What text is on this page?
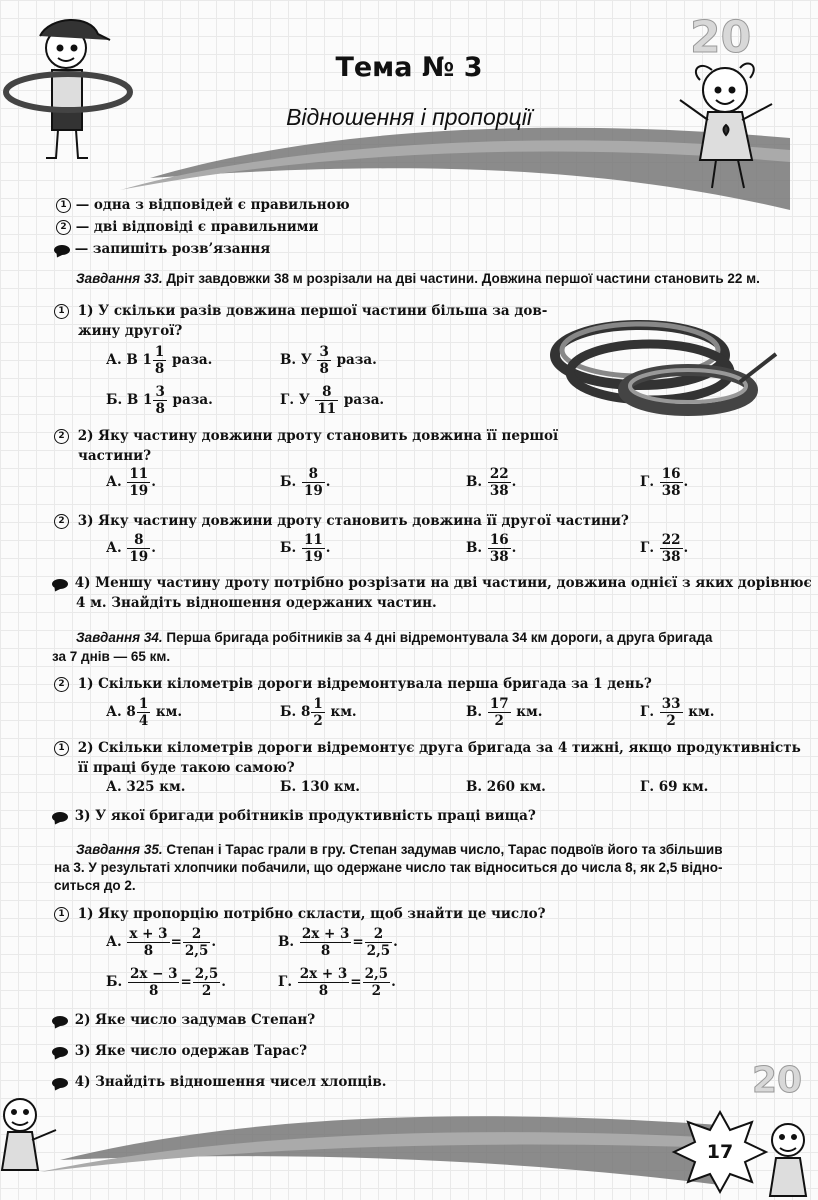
20
20
17
Тема № 3
Відношення і пропорції
1 — одна з відповідей є правильною
2 — дві відповіді є правильними
— запишіть розв’язання
Завдання 33. Дріт завдовжки 38 м розрізали на дві частини. Довжина першої частини становить 22 м.
1 1) У скільки разів довжина першої частини більша за дов-
жину другої?
А. В $1 \frac{1}{8}$ раза.	В. У $\frac{3}{8}$ раза.
Б. В $1 \frac{3}{8}$ раза.	Г. У $\frac{8}{11}$ раза.
2 2) Яку частину довжини дроту становить довжина її першої
частини?
А. $\frac{11}{19}$ .	Б. $\frac{8}{19}$ .	В. $\frac{22}{38}$ .	Г. $\frac{16}{38}$ .
2 3) Яку частину довжини дроту становить довжина її другої частини?
А. $\frac{8}{19}$ .	Б. $\frac{11}{19}$ .	В. $\frac{16}{38}$ .	Г. $\frac{22}{38}$ .
4) Меншу частину дроту потрібно розрізати на дві частини, довжина однієї з яких дорівнює
4 м. Знайдіть відношення одержаних частин.
Завдання 34. Перша бригада робітників за 4 дні відремонтувала 34 км дороги, а друга бригада
за 7 днів — 65 км.
2 1) Скільки кілометрів дороги відремонтувала перша бригада за 1 день?
А. $8 \frac{1}{4}$ км.	Б. $8 \frac{1}{2}$ км.	В. $\frac{17}{2}$ км.	Г. $\frac{33}{2}$ км.
1 2) Скільки кілометрів дороги відремонтує друга бригада за 4 тижні, якщо продуктивність
її праці буде такою самою?
А. 325 км.	Б. 130 км.	В. 260 км.	Г. 69 км.
3) У якої бригади робітників продуктивність праці вища?
Завдання 35. Степан і Тарас грали в гру. Степан задумав число, Тарас подвоїв його та збільшив
на 3. У результаті хлопчики побачили, що одержане число так відноситься до числа 8, як 2,5 відно-
ситься до 2.
1 1) Яку пропорцію потрібно скласти, щоб знайти це число?
А. $\frac{x + 3}{8} = \frac{2}{2,5}$ .	В. $\frac{2x + 3}{8} = \frac{2}{2,5}$ .
Б. $\frac{2x - 3}{8} = \frac{2,5}{2}$ .	Г. $\frac{2x + 3}{8} = \frac{2,5}{2}$ .
2) Яке число задумав Степан?
3) Яке число одержав Тарас?
4) Знайдіть відношення чисел хлопців.
